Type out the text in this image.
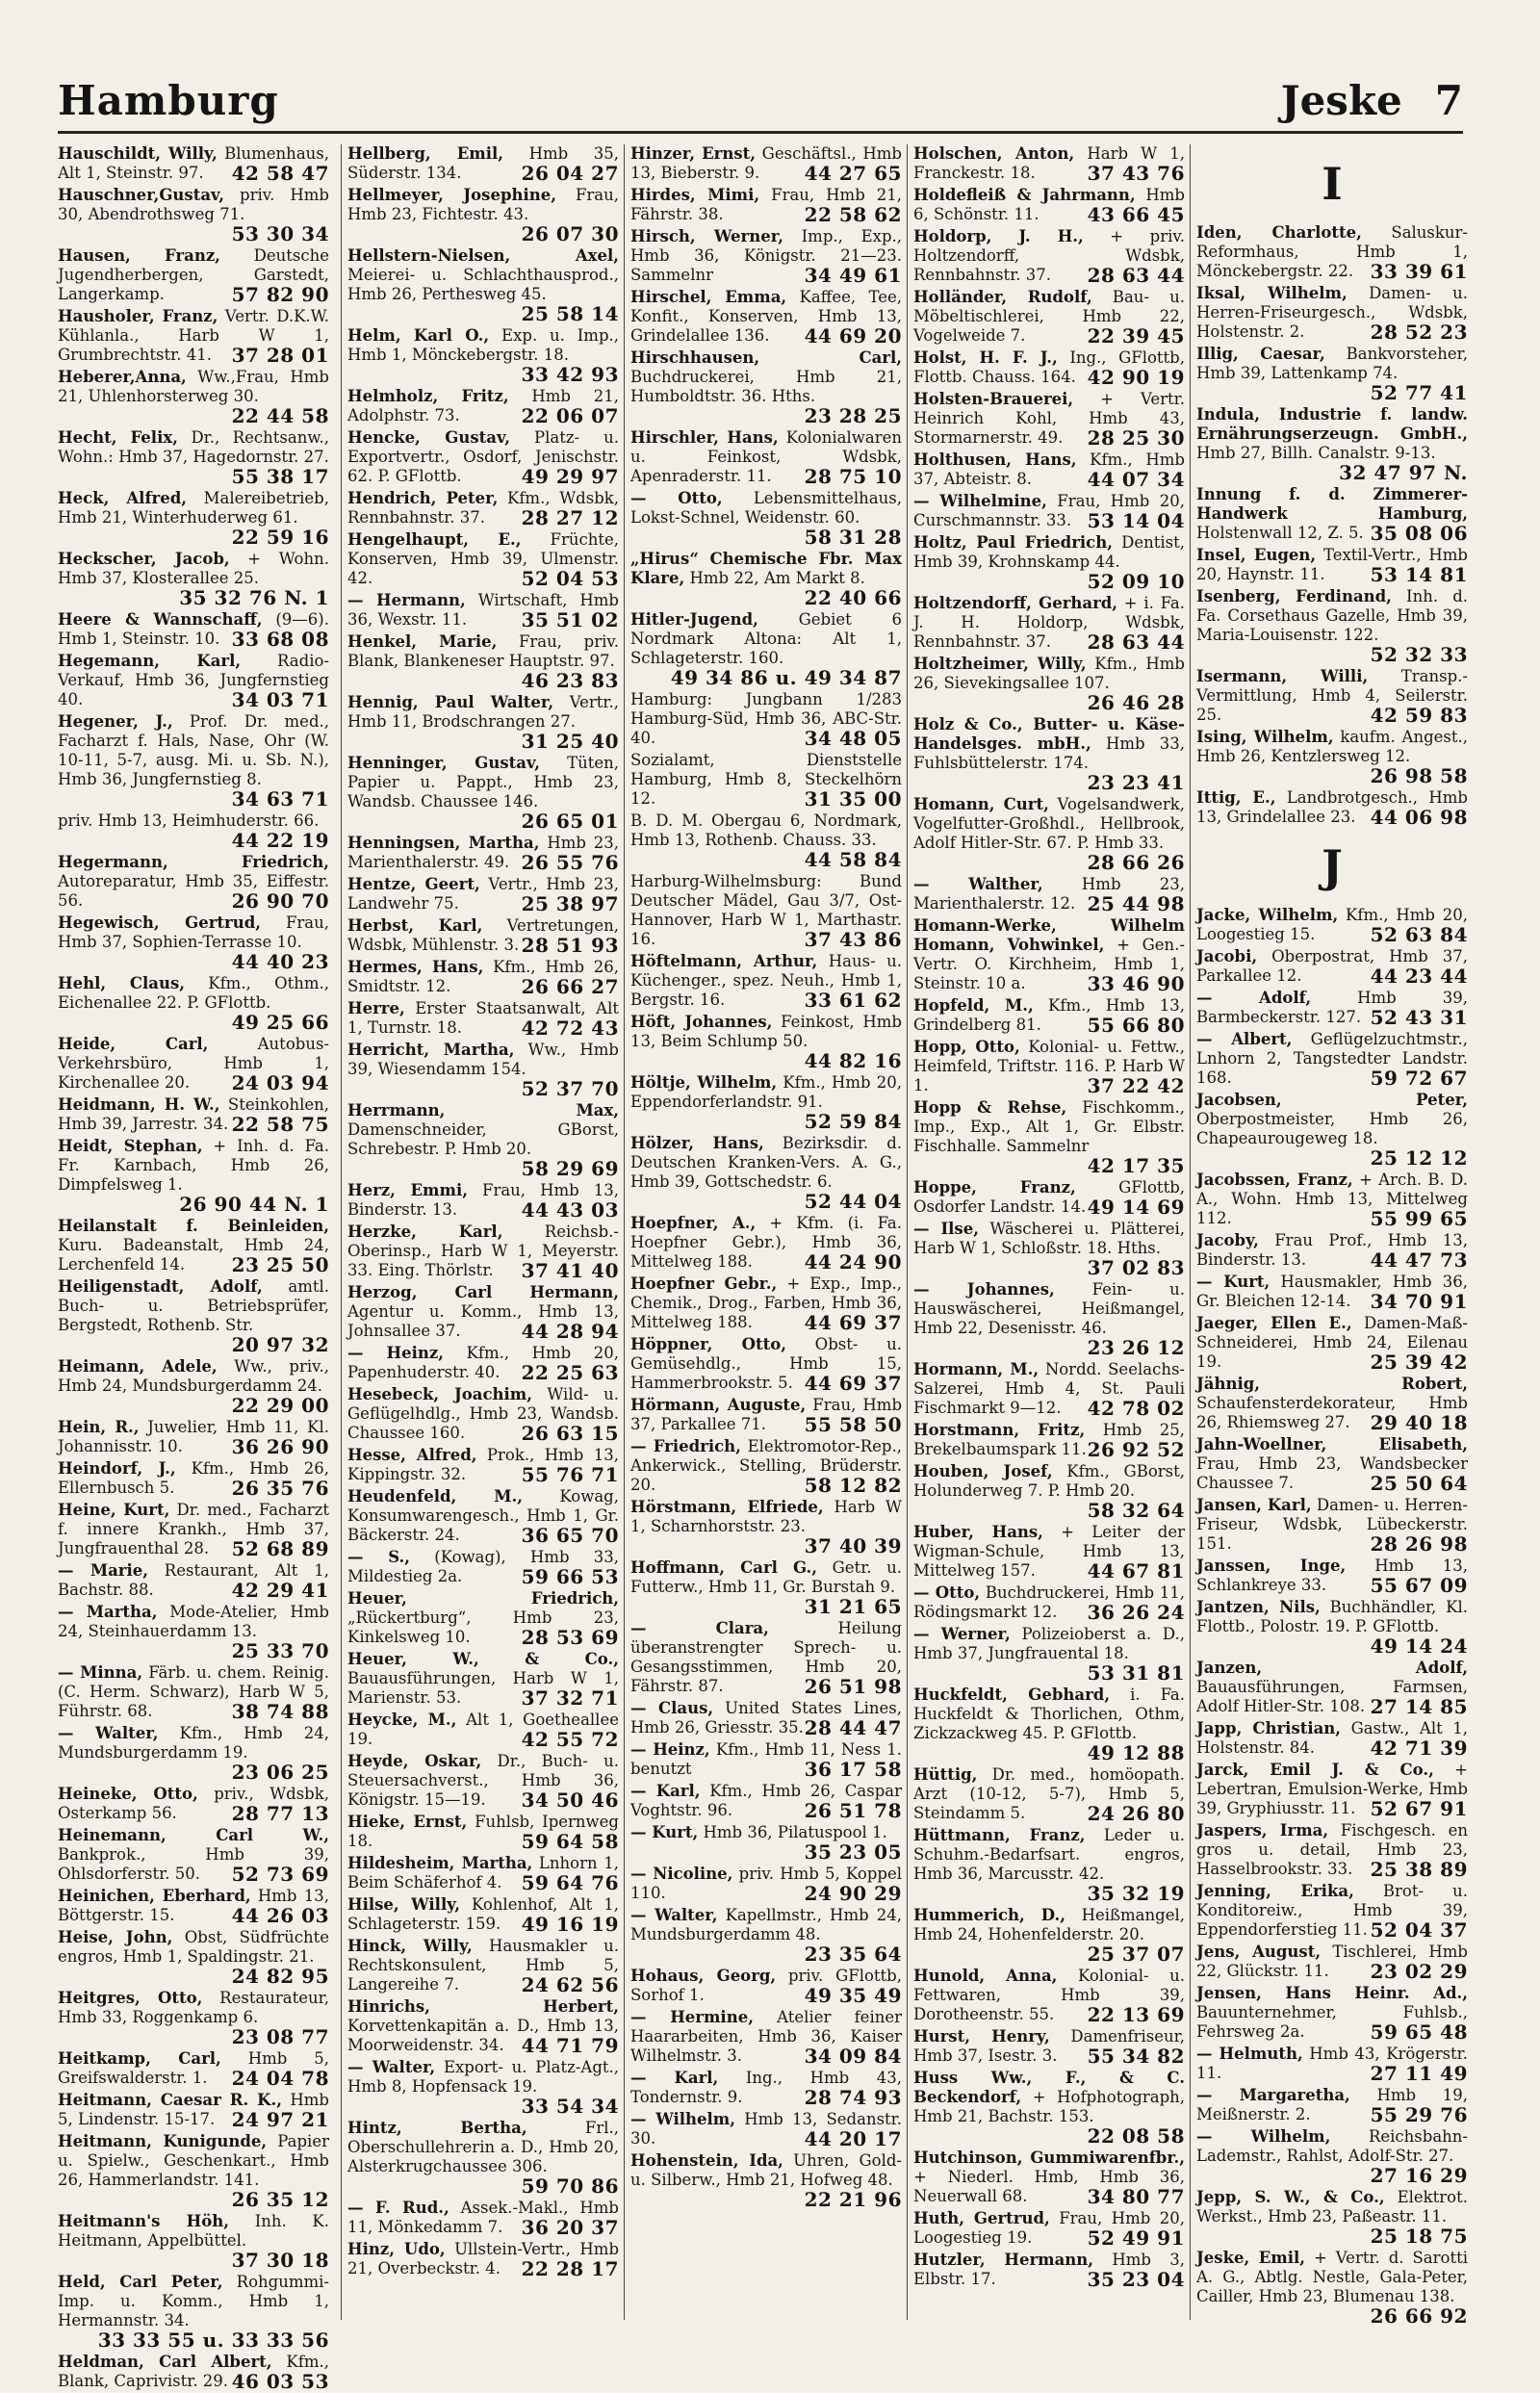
Hamburg	Jeske 7
Hauschildt, Willy, Blumenhaus, Alt 1, Steinstr. 97. 42 58 47
Hauschner,Gustav, priv. Hmb 30, Abendrothsweg 71.
53 30 34
Hausen, Franz, Deutsche Jugendherbergen, Garstedt, Langerkamp.	57 82 90
Hausholer, Franz, Vertr. D.K.W. Kühlanla., Harb W 1, Grumbrechtstr. 41. 37 28 01
Heberer,Anna, Ww.,Frau, Hmb 21, Uhlenhorsterweg 30.
22 44 58
Hecht, Felix, Dr., Rechtsanw., Wohn.: Hmb 37, Hagedornstr. 27.
55 38 17
Heck, Alfred, Malereibetrieb, Hmb 21, Winterhuderweg 61.
22 59 16
Heckscher, Jacob, + Wohn. Hmb 37, Klosterallee 25.
35 32 76 N. 1
Heere & Wannschaff, (9—6). Hmb 1, Steinstr. 10. 33 68 08
Hegemann, Karl, Radio-Verkauf, Hmb 36, Jungfernstieg 40.	34 03 71
Hegener, J., Prof. Dr. med., Facharzt f. Hals, Nase, Ohr (W. 10-11, 5-7, ausg. Mi. u. Sb. N.), Hmb 36, Jungfernstieg 8.
34 63 71
priv. Hmb 13, Heimhuderstr. 66.
44 22 19
Hegermann, Friedrich, Autoreparatur, Hmb 35, Eiffestr. 56.	26 90 70
Hegewisch, Gertrud, Frau, Hmb 37, Sophien-Terrasse 10.
44 40 23
Hehl, Claus, Kfm., Othm., Eichenallee 22. P. GFlottb.
49 25 66
Heide, Carl, Autobus-Verkehrsbüro, Hmb 1, Kirchenallee 20. 24 03 94
Heidmann, H. W., Steinkohlen, Hmb 39, Jarrestr. 34. 22 58 75
Heidt, Stephan, + Inh. d. Fa. Fr. Karnbach, Hmb 26, Dimpfelsweg 1.
26 90 44 N. 1
Heilanstalt f. Beinleiden, Kuru. Badeanstalt, Hmb 24, Lerchenfeld 14. 23 25 50
Heiligenstadt, Adolf, amtl. Buch- u. Betriebsprüfer, Bergstedt, Rothenb. Str.
20 97 32
Heimann, Adele, Ww., priv., Hmb 24, Mundsburgerdamm 24.
22 29 00
Hein, R., Juwelier, Hmb 11, Kl. Johannisstr. 10.	36 26 90
Heindorf, J., Kfm., Hmb 26, Ellernbusch 5.	26 35 76
Heine, Kurt, Dr. med., Facharzt f. innere Krankh., Hmb 37, Jungfrauenthal 28. 52 68 89
— Marie, Restaurant, Alt 1, Bachstr. 88.	42 29 41
— Martha, Mode-Atelier, Hmb 24, Steinhauerdamm 13.
25 33 70
— Minna, Färb. u. chem. Reinig. (C. Herm. Schwarz), Harb W 5, Führstr. 68.	38 74 88
— Walter, Kfm., Hmb 24, Mundsburgerdamm 19.
23 06 25
Heineke, Otto, priv., Wdsbk, Osterkamp 56.	28 77 13
Heinemann, Carl W., Bankprok., Hmb 39, Ohlsdorferstr. 50. 52 73 69
Heinichen, Eberhard, Hmb 13, Böttgerstr. 15.	44 26 03
Heise, John, Obst, Südfrüchte engros, Hmb 1, Spaldingstr. 21.
24 82 95
Heitgres, Otto, Restaurateur, Hmb 33, Roggenkamp 6.
23 08 77
Heitkamp, Carl, Hmb 5, Greifswalderstr. 1. 24 04 78
Heitmann, Caesar R. K., Hmb 5, Lindenstr. 15-17. 24 97 21
Heitmann, Kunigunde, Papier u. Spielw., Geschenkart., Hmb 26, Hammerlandstr. 141.
26 35 12
Heitmann's Höh, Inh. K. Heitmann, Appelbüttel.
37 30 18
Held, Carl Peter, Rohgummi-Imp. u. Komm., Hmb 1, Hermannstr. 34.
33 33 55 u. 33 33 56
Heldman, Carl Albert, Kfm., Blank, Caprivistr. 29. 46 03 53
Hellberg, Emil, Hmb 35, Süderstr. 134.	26 04 27
Hellmeyer, Josephine, Frau, Hmb 23, Fichtestr. 43.
26 07 30
Hellstern-Nielsen, Axel, Meierei- u. Schlachthausprod., Hmb 26, Perthesweg 45.
25 58 14
Helm, Karl O., Exp. u. Imp., Hmb 1, Mönckebergstr. 18.
33 42 93
Helmholz, Fritz, Hmb 21, Adolphstr. 73.	22 06 07
Hencke, Gustav, Platz- u. Exportvertr., Osdorf, Jenischstr. 62. P. GFlottb.	49 29 97
Hendrich, Peter, Kfm., Wdsbk, Rennbahnstr. 37. 28 27 12
Hengelhaupt, E., Früchte, Konserven, Hmb 39, Ulmenstr. 42.	52 04 53
— Hermann, Wirtschaft, Hmb 36, Wexstr. 11.	35 51 02
Henkel, Marie, Frau, priv. Blank, Blankeneser Hauptstr. 97.
46 23 83
Hennig, Paul Walter, Vertr., Hmb 11, Brodschrangen 27.
31 25 40
Henninger, Gustav, Tüten, Papier u. Pappt., Hmb 23, Wandsb. Chaussee 146.
26 65 01
Henningsen, Martha, Hmb 23, Marienthalerstr. 49. 26 55 76
Hentze, Geert, Vertr., Hmb 23, Landwehr 75.	25 38 97
Herbst, Karl, Vertretungen, Wdsbk, Mühlenstr. 3. 28 51 93
Hermes, Hans, Kfm., Hmb 26, Smidtstr. 12.	26 66 27
Herre, Erster Staatsanwalt, Alt 1, Turnstr. 18.	42 72 43
Herricht, Martha, Ww., Hmb 39, Wiesendamm 154.
52 37 70
Herrmann, Max, Damenschneider, GBorst, Schrebestr. P. Hmb 20.
58 29 69
Herz, Emmi, Frau, Hmb 13, Binderstr. 13.	44 43 03
Herzke, Karl, Reichsb.-Oberinsp., Harb W 1, Meyerstr. 33. Eing. Thörlstr. 37 41 40
Herzog, Carl Hermann, Agentur u. Komm., Hmb 13, Johnsallee 37.	44 28 94
— Heinz, Kfm., Hmb 20, Papenhuderstr. 40. 22 25 63
Hesebeck, Joachim, Wild- u. Geflügelhdlg., Hmb 23, Wandsb. Chaussee 160.	26 63 15
Hesse, Alfred, Prok., Hmb 13, Kippingstr. 32.	55 76 71
Heudenfeld, M., Kowag, Konsumwarengesch., Hmb 1, Gr. Bäckerstr. 24.	36 65 70
— S., (Kowag), Hmb 33, Mildestieg 2a.	59 66 53
Heuer, Friedrich, „Rückertburg“, Hmb 23, Kinkelsweg 10.	28 53 69
Heuer, W., & Co., Bauausführungen, Harb W 1, Marienstr. 53.	37 32 71
Heycke, M., Alt 1, Goetheallee 19.	42 55 72
Heyde, Oskar, Dr., Buch- u. Steuersachverst., Hmb 36, Königstr. 15—19. 34 50 46
Hieke, Ernst, Fuhlsb, Ipernweg 18.	59 64 58
Hildesheim, Martha, Lnhorn 1, Beim Schäferhof 4. 59 64 76
Hilse, Willy, Kohlenhof, Alt 1, Schlageterstr. 159. 49 16 19
Hinck, Willy, Hausmakler u. Rechtskonsulent, Hmb 5, Langereihe 7.	24 62 56
Hinrichs, Herbert, Korvettenkapitän a. D., Hmb 13, Moorweidenstr. 34. 44 71 79
— Walter, Export- u. Platz-Agt., Hmb 8, Hopfensack 19.
33 54 34
Hintz, Bertha, Frl., Oberschullehrerin a. D., Hmb 20, Alsterkrugchaussee 306.
59 70 86
— F. Rud., Assek.-Makl., Hmb 11, Mönkedamm 7. 36 20 37
Hinz, Udo, Ullstein-Vertr., Hmb 21, Overbeckstr. 4. 22 28 17
Hinzer, Ernst, Geschäftsl., Hmb 13, Bieberstr. 9. 44 27 65
Hirdes, Mimi, Frau, Hmb 21, Fährstr. 38.	22 58 62
Hirsch, Werner, Imp., Exp., Hmb 36, Königstr. 21—23. Sammelnr	34 49 61
Hirschel, Emma, Kaffee, Tee, Konfit., Konserven, Hmb 13, Grindelallee 136. 44 69 20
Hirschhausen, Carl, Buchdruckerei, Hmb 21, Humboldtstr. 36. Hths.
23 28 25
Hirschler, Hans, Kolonialwaren u. Feinkost, Wdsbk, Apenraderstr. 11. 28 75 10
— Otto, Lebensmittelhaus, Lokst-Schnel, Weidenstr. 60.
58 31 28
„Hirus“ Chemische Fbr. Max Klare, Hmb 22, Am Markt 8.
22 40 66
Hitler-Jugend, Gebiet 6 Nordmark Altona: Alt 1, Schlageterstr. 160.
49 34 86 u. 49 34 87
Hamburg: Jungbann 1/283 Hamburg-Süd, Hmb 36, ABC-Str. 40.	34 48 05
Sozialamt, Dienststelle Hamburg, Hmb 8, Steckelhörn 12.	31 35 00
B. D. M. Obergau 6, Nordmark, Hmb 13, Rothenb. Chauss. 33.
44 58 84
Harburg-Wilhelmsburg: Bund Deutscher Mädel, Gau 3/7, Ost-Hannover, Harb W 1, Marthastr. 16.	37 43 86
Höftelmann, Arthur, Haus- u. Küchenger., spez. Neuh., Hmb 1, Bergstr. 16.	33 61 62
Höft, Johannes, Feinkost, Hmb 13, Beim Schlump 50.
44 82 16
Höltje, Wilhelm, Kfm., Hmb 20, Eppendorferlandstr. 91.
52 59 84
Hölzer, Hans, Bezirksdir. d. Deutschen Kranken-Vers. A. G., Hmb 39, Gottschedstr. 6.
52 44 04
Hoepfner, A., + Kfm. (i. Fa. Hoepfner Gebr.), Hmb 36, Mittelweg 188.	44 24 90
Hoepfner Gebr., + Exp., Imp., Chemik., Drog., Farben, Hmb 36, Mittelweg 188.	44 69 37
Höppner, Otto, Obst- u. Gemüsehdlg., Hmb 15, Hammerbrookstr. 5. 44 69 37
Hörmann, Auguste, Frau, Hmb 37, Parkallee 71. 55 58 50
— Friedrich, Elektromotor-Rep., Ankerwick., Stelling, Brüderstr. 20.	58 12 82
Hörstmann, Elfriede, Harb W 1, Scharnhorststr. 23.
37 40 39
Hoffmann, Carl G., Getr. u. Futterw., Hmb 11, Gr. Burstah 9.
31 21 65
— Clara, Heilung überanstrengter Sprech- u. Gesangsstimmen, Hmb 20, Fährstr. 87.	26 51 98
— Claus, United States Lines, Hmb 26, Griesstr. 35. 28 44 47
— Heinz, Kfm., Hmb 11, Ness 1. benutzt	36 17 58
— Karl, Kfm., Hmb 26, Caspar Voghtstr. 96.	26 51 78
— Kurt, Hmb 36, Pilatuspool 1.
35 23 05
— Nicoline, priv. Hmb 5, Koppel 110.	24 90 29
— Walter, Kapellmstr., Hmb 24, Mundsburgerdamm 48.
23 35 64
Hohaus, Georg, priv. GFlottb, Sorhof 1.	49 35 49
— Hermine, Atelier feiner Haararbeiten, Hmb 36, Kaiser Wilhelmstr. 3.	34 09 84
— Karl, Ing., Hmb 43, Tondernstr. 9.	28 74 93
— Wilhelm, Hmb 13, Sedanstr. 30.	44 20 17
Hohenstein, Ida, Uhren, Gold- u. Silberw., Hmb 21, Hofweg 48.
22 21 96
Holschen, Anton, Harb W 1, Franckestr. 18.	37 43 76
Holdefleiß & Jahrmann, Hmb 6, Schönstr. 11. 43 66 45
Holdorp, J. H., + priv. Holtzendorff, Wdsbk, Rennbahnstr. 37. 28 63 44
Holländer, Rudolf, Bau- u. Möbeltischlerei, Hmb 22, Vogelweide 7.	22 39 45
Holst, H. F. J., Ing., GFlottb, Flottb. Chauss. 164. 42 90 19
Holsten-Brauerei, + Vertr. Heinrich Kohl, Hmb 43, Stormarnerstr. 49. 28 25 30
Holthusen, Hans, Kfm., Hmb 37, Abteistr. 8.	44 07 34
— Wilhelmine, Frau, Hmb 20, Curschmannstr. 33. 53 14 04
Holtz, Paul Friedrich, Dentist, Hmb 39, Krohnskamp 44.
52 09 10
Holtzendorff, Gerhard, + i. Fa. J. H. Holdorp, Wdsbk, Rennbahnstr. 37. 28 63 44
Holtzheimer, Willy, Kfm., Hmb 26, Sievekingsallee 107.
26 46 28
Holz & Co., Butter- u. Käse-Handelsges. mbH., Hmb 33, Fuhlsbüttelerstr. 174.
23 23 41
Homann, Curt, Vogelsandwerk, Vogelfutter-Großhdl., Hellbrook, Adolf Hitler-Str. 67. P. Hmb 33.
28 66 26
— Walther, Hmb 23, Marienthalerstr. 12. 25 44 98
Homann-Werke, Wilhelm Homann, Vohwinkel, + Gen.-Vertr. O. Kirchheim, Hmb 1, Steinstr. 10 a.	33 46 90
Hopfeld, M., Kfm., Hmb 13, Grindelberg 81. 55 66 80
Hopp, Otto, Kolonial- u. Fettw., Heimfeld, Triftstr. 116. P. Harb W 1.	37 22 42
Hopp & Rehse, Fischkomm., Imp., Exp., Alt 1, Gr. Elbstr. Fischhalle. Sammelnr
42 17 35
Hoppe, Franz, GFlottb, Osdorfer Landstr. 14. 49 14 69
— Ilse, Wäscherei u. Plätterei, Harb W 1, Schloßstr. 18. Hths.
37 02 83
— Johannes, Fein- u. Hauswäscherei, Heißmangel, Hmb 22, Desenisstr. 46.
23 26 12
Hormann, M., Nordd. Seelachs-Salzerei, Hmb 4, St. Pauli Fischmarkt 9—12. 42 78 02
Horstmann, Fritz, Hmb 25, Brekelbaumspark 11. 26 92 52
Houben, Josef, Kfm., GBorst, Holunderweg 7. P. Hmb 20.
58 32 64
Huber, Hans, + Leiter der Wigman-Schule, Hmb 13, Mittelweg 157.	44 67 81
— Otto, Buchdruckerei, Hmb 11, Rödingsmarkt 12. 36 26 24
— Werner, Polizeioberst a. D., Hmb 37, Jungfrauental 18.
53 31 81
Huckfeldt, Gebhard, i. Fa. Huckfeldt & Thorlichen, Othm, Zickzackweg 45. P. GFlottb.
49 12 88
Hüttig, Dr. med., homöopath. Arzt (10-12, 5-7), Hmb 5, Steindamm 5.	24 26 80
Hüttmann, Franz, Leder u. Schuhm.-Bedarfsart. engros, Hmb 36, Marcusstr. 42.
35 32 19
Hummerich, D., Heißmangel, Hmb 24, Hohenfelderstr. 20.
25 37 07
Hunold, Anna, Kolonial- u. Fettwaren, Hmb 39, Dorotheenstr. 55. 22 13 69
Hurst, Henry, Damenfriseur, Hmb 37, Isestr. 3. 55 34 82
Huss Ww., F., & C. Beckendorf, + Hofphotograph, Hmb 21, Bachstr. 153.
22 08 58
Hutchinson, Gummiwarenfbr., + Niederl. Hmb, Hmb 36, Neuerwall 68.	34 80 77
Huth, Gertrud, Frau, Hmb 20, Loogestieg 19.	52 49 91
Hutzler, Hermann, Hmb 3, Elbstr. 17.	35 23 04
I
Iden, Charlotte, Saluskur-Reformhaus, Hmb 1, Mönckebergstr. 22. 33 39 61
Iksal, Wilhelm, Damen- u. Herren-Friseurgesch., Wdsbk, Holstenstr. 2.	28 52 23
Illig, Caesar, Bankvorsteher, Hmb 39, Lattenkamp 74.
52 77 41
Indula, Industrie f. landw. Ernährungserzeugn. GmbH., Hmb 27, Billh. Canalstr. 9-13.
32 47 97 N.
Innung f. d. Zimmerer-Handwerk Hamburg, Holstenwall 12, Z. 5. 35 08 06
Insel, Eugen, Textil-Vertr., Hmb 20, Haynstr. 11. 53 14 81
Isenberg, Ferdinand, Inh. d. Fa. Corsethaus Gazelle, Hmb 39, Maria-Louisenstr. 122.
52 32 33
Isermann, Willi, Transp.-Vermittlung, Hmb 4, Seilerstr. 25.	42 59 83
Ising, Wilhelm, kaufm. Angest., Hmb 26, Kentzlersweg 12.
26 98 58
Ittig, E., Landbrotgesch., Hmb 13, Grindelallee 23. 44 06 98
J
Jacke, Wilhelm, Kfm., Hmb 20, Loogestieg 15.	52 63 84
Jacobi, Oberpostrat, Hmb 37, Parkallee 12.	44 23 44
— Adolf, Hmb 39, Barmbeckerstr. 127. 52 43 31
— Albert, Geflügelzuchtmstr., Lnhorn 2, Tangstedter Landstr. 168.	59 72 67
Jacobsen, Peter, Oberpostmeister, Hmb 26, Chapeaurougeweg 18.
25 12 12
Jacobssen, Franz, + Arch. B. D. A., Wohn. Hmb 13, Mittelweg 112.	55 99 65
Jacoby, Frau Prof., Hmb 13, Binderstr. 13.	44 47 73
— Kurt, Hausmakler, Hmb 36, Gr. Bleichen 12-14. 34 70 91
Jaeger, Ellen E., Damen-Maß-Schneiderei, Hmb 24, Eilenau 19.	25 39 42
Jähnig, Robert, Schaufensterdekorateur, Hmb 26, Rhiemsweg 27. 29 40 18
Jahn-Woellner, Elisabeth, Frau, Hmb 23, Wandsbecker Chaussee 7.	25 50 64
Jansen, Karl, Damen- u. Herren-Friseur, Wdsbk, Lübeckerstr. 151.	28 26 98
Janssen, Inge, Hmb 13, Schlankreye 33. 55 67 09
Jantzen, Nils, Buchhändler, Kl. Flottb., Polostr. 19. P. GFlottb.
49 14 24
Janzen, Adolf, Bauausführungen, Farmsen, Adolf Hitler-Str. 108. 27 14 85
Japp, Christian, Gastw., Alt 1, Holstenstr. 84.	42 71 39
Jarck, Emil J. & Co., + Lebertran, Emulsion-Werke, Hmb 39, Gryphiusstr. 11. 52 67 91
Jaspers, Irma, Fischgesch. en gros u. detail, Hmb 23, Hasselbrookstr. 33. 25 38 89
Jenning, Erika, Brot- u. Konditoreiw., Hmb 39, Eppendorferstieg 11. 52 04 37
Jens, August, Tischlerei, Hmb 22, Glückstr. 11. 23 02 29
Jensen, Hans Heinr. Ad., Bauunternehmer, Fuhlsb., Fehrsweg 2a.	59 65 48
— Helmuth, Hmb 43, Krögerstr. 11.	27 11 49
— Margaretha, Hmb 19, Meißnerstr. 2.	55 29 76
— Wilhelm, Reichsbahn-Lademstr., Rahlst, Adolf-Str. 27.
27 16 29
Jepp, S. W., & Co., Elektrot. Werkst., Hmb 23, Paßeastr. 11.
25 18 75
Jeske, Emil, + Vertr. d. Sarotti A. G., Abtlg. Nestle, Gala-Peter, Cailler, Hmb 23, Blumenau 138.
26 66 92
